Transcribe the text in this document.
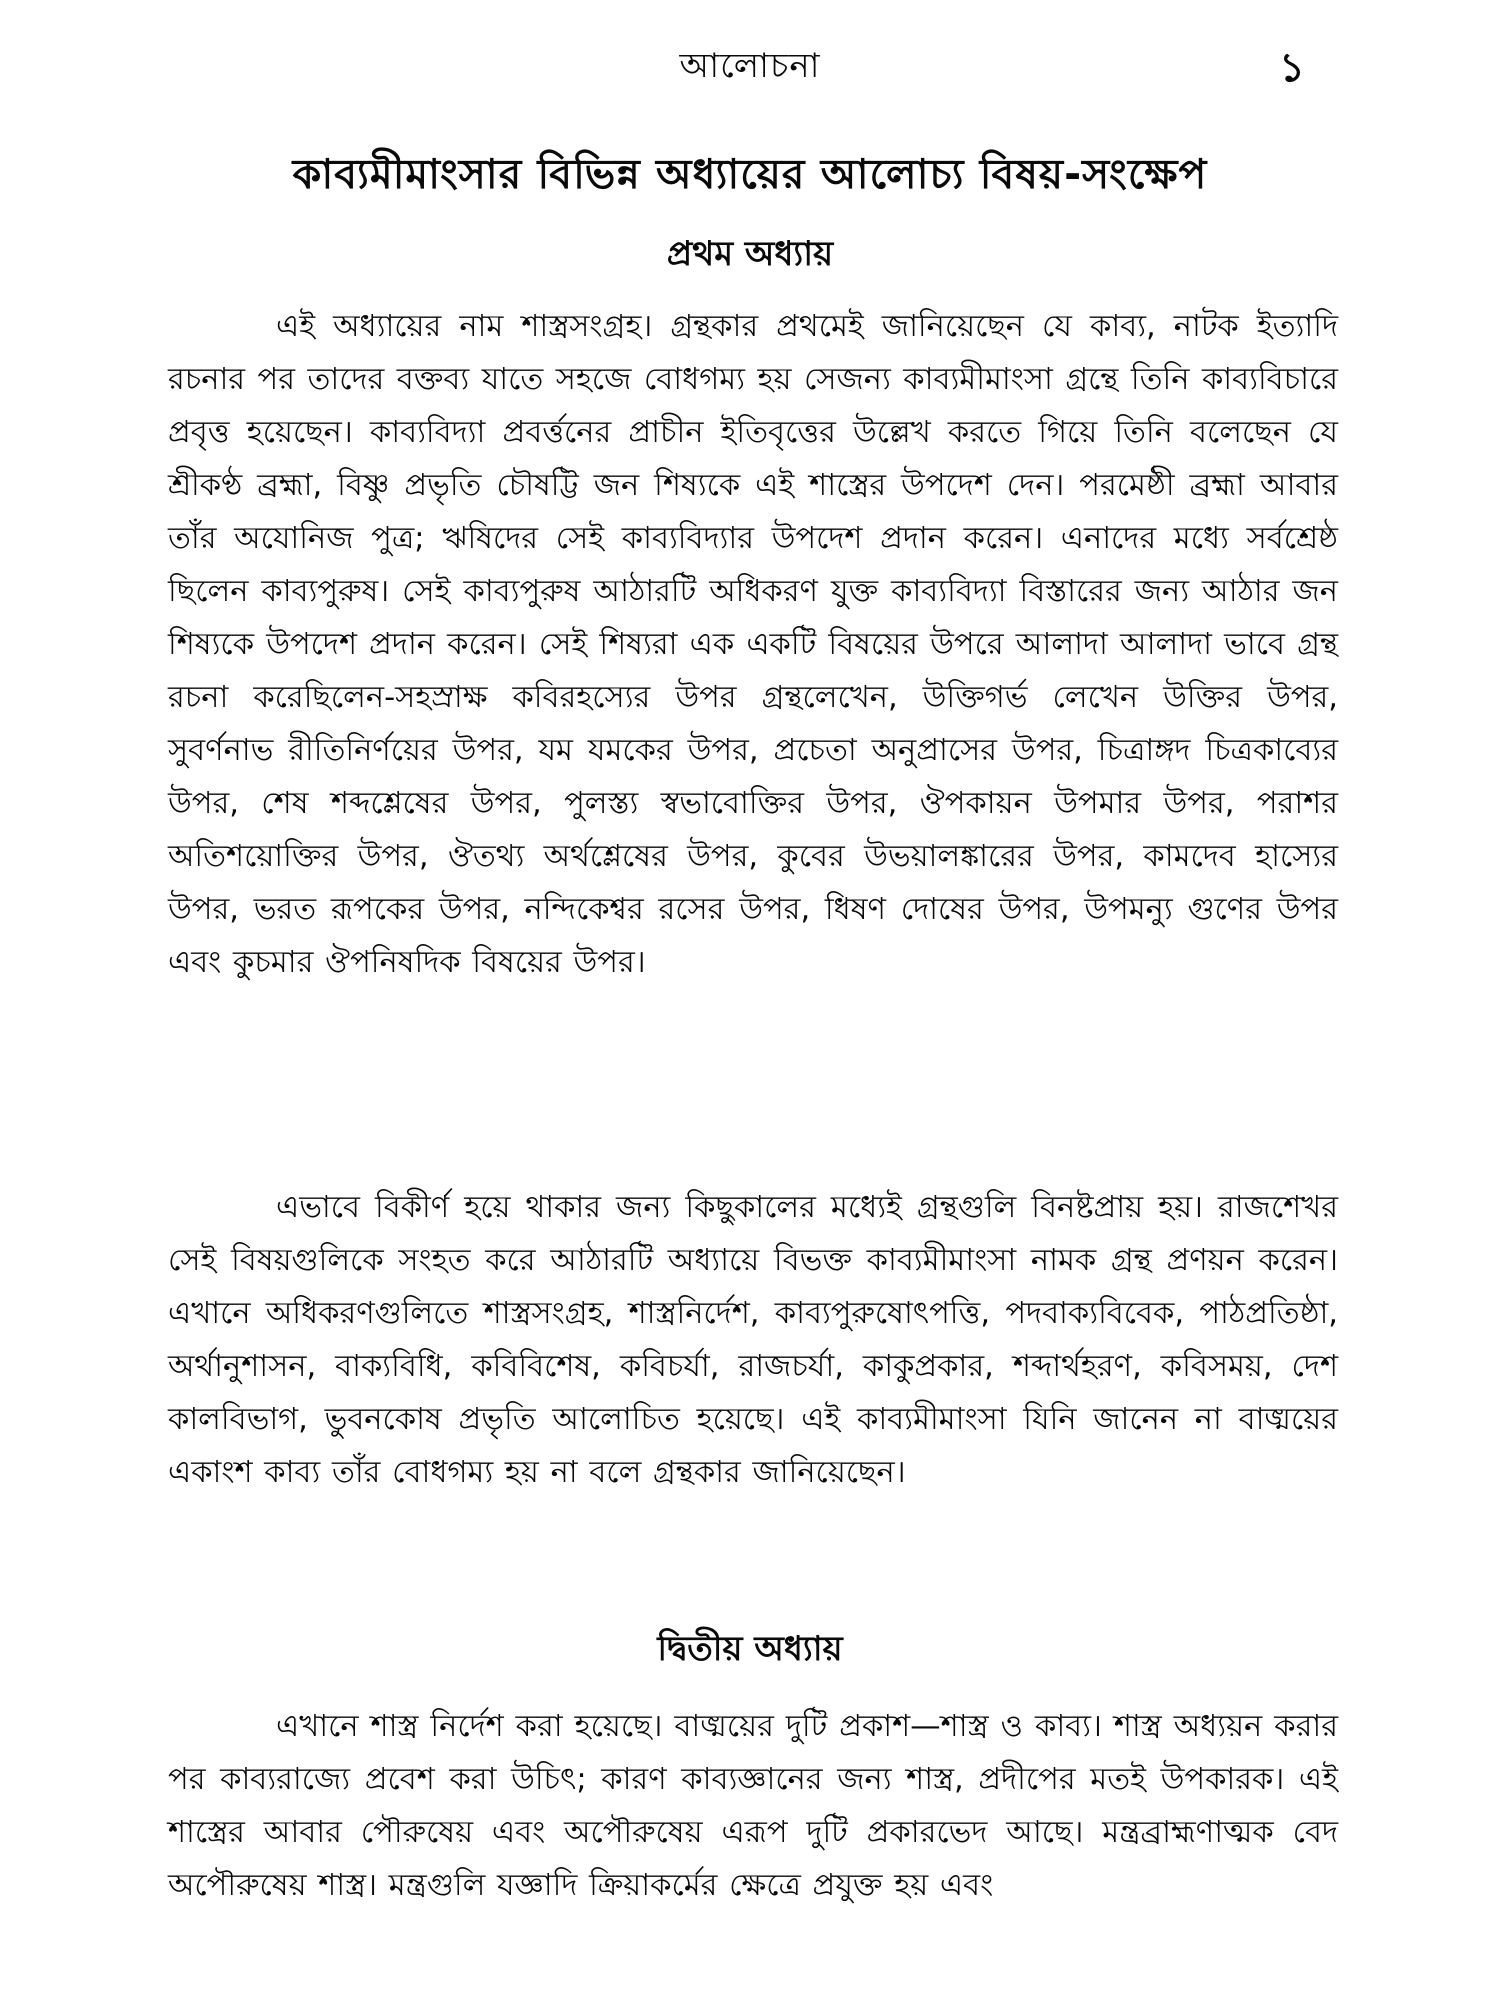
আলোচনা	১
কাব্যমীমাংসার বিভিন্ন অধ্যায়ের আলোচ্য বিষয়-সংক্ষেপ
প্রথম অধ্যায়

এই অধ্যায়ের নাম শাস্ত্রসংগ্রহ। গ্রন্থকার প্রথমেই জানিয়েছেন যে কাব্য, নাটক ইত্যাদি রচনার পর তাদের বক্তব্য যাতে সহজে বোধগম্য হয় সেজন্য কাব্যমীমাংসা গ্রন্থে তিনি কাব্যবিচারে প্রবৃত্ত হয়েছেন। কাব্যবিদ্যা প্রবর্ত্তনের প্রাচীন ইতিবৃত্তের উল্লেখ করতে গিয়ে তিনি বলেছেন যে শ্রীকণ্ঠ ব্রহ্মা, বিষ্ণু প্রভৃতি চৌষট্টি জন শিষ্যকে এই শাস্ত্রের উপদেশ দেন। পরমেষ্ঠী ব্রহ্মা আবার তাঁর অযোনিজ পুত্র; ঋষিদের সেই কাব্যবিদ্যার উপদেশ প্রদান করেন। এনাদের মধ্যে সর্বশ্রেষ্ঠ ছিলেন কাব্যপুরুষ। সেই কাব্যপুরুষ আঠারটি অধিকরণ যুক্ত কাব্যবিদ্যা বিস্তারের জন্য আঠার জন শিষ্যকে উপদেশ প্রদান করেন। সেই শিষ্যরা এক একটি বিষয়ের উপরে আলাদা আলাদা ভাবে গ্রন্থ রচনা করেছিলেন-সহস্রাক্ষ কবিরহস্যের উপর গ্রন্থলেখেন, উক্তিগর্ভ লেখেন উক্তির উপর, সুবর্ণনাভ রীতিনির্ণয়ের উপর, যম যমকের উপর, প্রচেতা অনুপ্রাসের উপর, চিত্রাঙ্গদ চিত্রকাব্যের উপর, শেষ শব্দশ্লেষের উপর, পুলস্ত্য স্বভাবোক্তির উপর, ঔপকায়ন উপমার উপর, পরাশর অতিশয়োক্তির উপর, ঔতথ্য অর্থশ্লেষের উপর, কুবের উভয়ালঙ্কারের উপর, কামদেব হাস্যের উপর, ভরত রূপকের উপর, নন্দিকেশ্বর রসের উপর, ধিষণ দোষের উপর, উপমন্যু গুণের উপর এবং কুচমার ঔপনিষদিক বিষয়ের উপর।

এভাবে বিকীর্ণ হয়ে থাকার জন্য কিছুকালের মধ্যেই গ্রন্থগুলি বিনষ্টপ্রায় হয়। রাজশেখর সেই বিষয়গুলিকে সংহত করে আঠারটি অধ্যায়ে বিভক্ত কাব্যমীমাংসা নামক গ্রন্থ প্রণয়ন করেন। এখানে অধিকরণগুলিতে শাস্ত্রসংগ্রহ, শাস্ত্রনির্দেশ, কাব্যপুরুষোৎপত্তি, পদবাক্যবিবেক, পাঠপ্রতিষ্ঠা, অর্থানুশাসন, বাক্যবিধি, কবিবিশেষ, কবিচর্যা, রাজচর্যা, কাকুপ্রকার, শব্দার্থহরণ, কবিসময়, দেশ কালবিভাগ, ভুবনকোষ প্রভৃতি আলোচিত হয়েছে। এই কাব্যমীমাংসা যিনি জানেন না বাঙ্ময়ের একাংশ কাব্য তাঁর বোধগম্য হয় না বলে গ্রন্থকার জানিয়েছেন।

দ্বিতীয় অধ্যায়

এখানে শাস্ত্র নির্দেশ করা হয়েছে। বাঙ্ময়ের দুটি প্রকাশ—শাস্ত্র ও কাব্য। শাস্ত্র অধ্যয়ন করার পর কাব্যরাজ্যে প্রবেশ করা উচিৎ; কারণ কাব্যজ্ঞানের জন্য শাস্ত্র, প্রদীপের মতই উপকারক। এই শাস্ত্রের আবার পৌরুষেয় এবং অপৌরুষেয় এরূপ দুটি প্রকারভেদ আছে। মন্ত্রব্রাহ্মণাত্মক বেদ অপৌরুষেয় শাস্ত্র। মন্ত্রগুলি যজ্ঞাদি ক্রিয়াকর্মের ক্ষেত্রে প্রযুক্ত হয় এবং
